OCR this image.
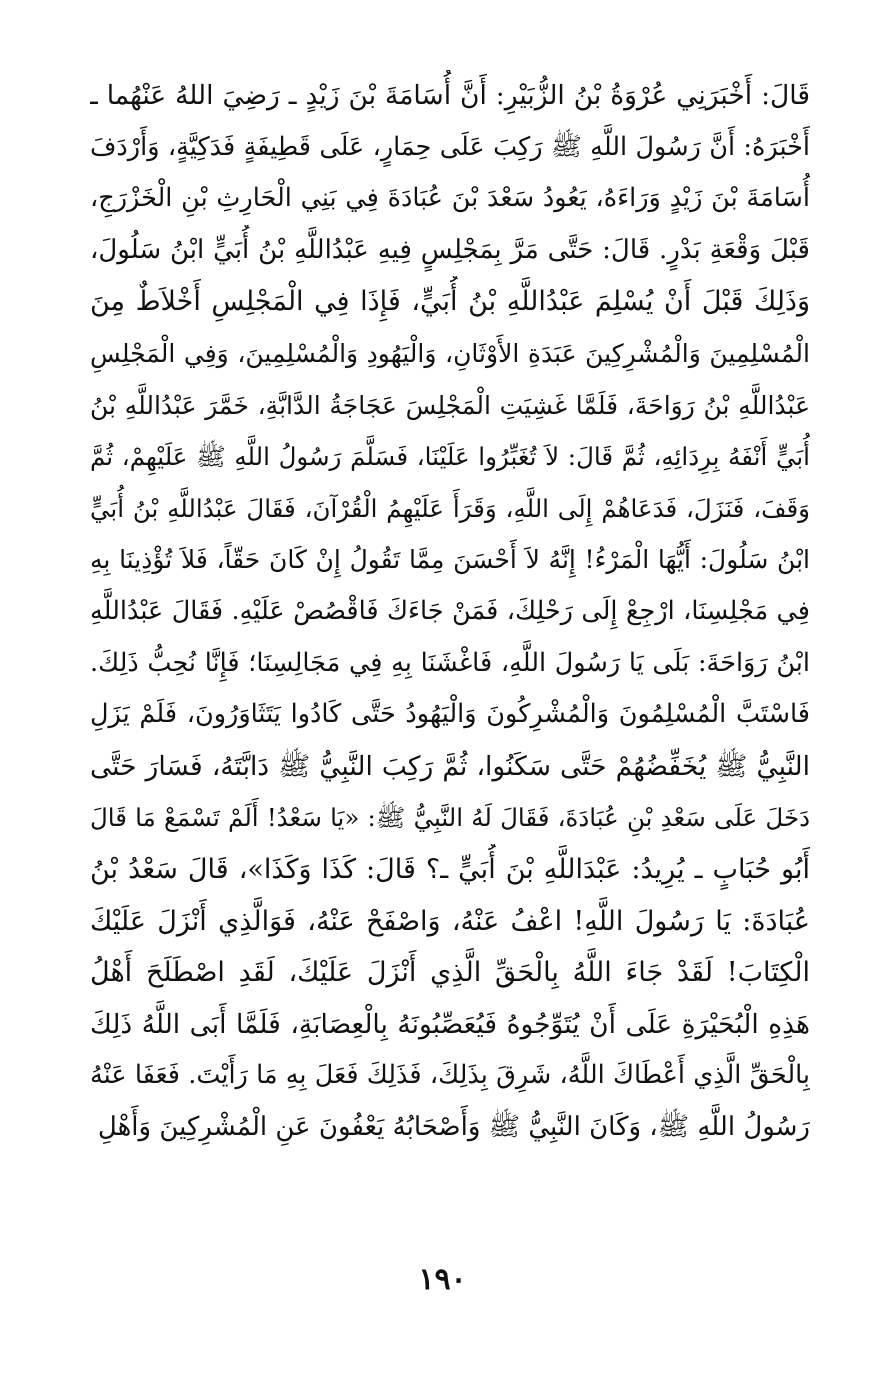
قَالَ: أَخْبَرَنِي عُرْوَةُ بْنُ الزُّبَيْرِ: أَنَّ أُسَامَةَ بْنَ زَيْدٍ ـ رَضِيَ اللهُ عَنْهُما ـ
أَخْبَرَهُ: أَنَّ رَسُولَ اللَّهِ ﷺ رَكِبَ عَلَى حِمَارٍ، عَلَى قَطِيفَةٍ فَدَكِيَّةٍ، وَأَرْدَفَ
أُسَامَةَ بْنَ زَيْدٍ وَرَاءَهُ، يَعُودُ سَعْدَ بْنَ عُبَادَةَ فِي بَنِي الْحَارِثِ بْنِ الْخَزْرَجِ،
قَبْلَ وَقْعَةِ بَدْرٍ. قَالَ: حَتَّى مَرَّ بِمَجْلِسٍ فِيهِ عَبْدُاللَّهِ بْنُ أُبَيٍّ ابْنُ سَلُولَ،
وَذَلِكَ قَبْلَ أَنْ يُسْلِمَ عَبْدُاللَّهِ بْنُ أُبَيٍّ، فَإِذَا فِي الْمَجْلِسِ أَخْلاَطٌ مِنَ
الْمُسْلِمِينَ وَالْمُشْرِكِينَ عَبَدَةِ الأَوْثَانِ، وَالْيَهُودِ وَالْمُسْلِمِينَ، وَفِي الْمَجْلِسِ
عَبْدُاللَّهِ بْنُ رَوَاحَةَ، فَلَمَّا غَشِيَتِ الْمَجْلِسَ عَجَاجَةُ الدَّابَّةِ، خَمَّرَ عَبْدُاللَّهِ بْنُ
أُبَيٍّ أَنْفَهُ بِرِدَائِهِ، ثُمَّ قَالَ: لاَ تُغَبِّرُوا عَلَيْنَا، فَسَلَّمَ رَسُولُ اللَّهِ ﷺ عَلَيْهِمْ، ثُمَّ
وَقَفَ، فَنَزَلَ، فَدَعَاهُمْ إِلَى اللَّهِ، وَقَرَأَ عَلَيْهِمُ الْقُرْآنَ، فَقَالَ عَبْدُاللَّهِ بْنُ أُبَيٍّ
ابْنُ سَلُولَ: أَيُّهَا الْمَرْءُ! إِنَّهُ لاَ أَحْسَنَ مِمَّا تَقُولُ إِنْ كَانَ حَقّاً، فَلاَ تُؤْذِينَا بِهِ
فِي مَجْلِسِنَا، ارْجِعْ إِلَى رَحْلِكَ، فَمَنْ جَاءَكَ فَاقْصُصْ عَلَيْهِ. فَقَالَ عَبْدُاللَّهِ
ابْنُ رَوَاحَةَ: بَلَى يَا رَسُولَ اللَّهِ، فَاغْشَنَا بِهِ فِي مَجَالِسِنَا؛ فَإِنَّا نُحِبُّ ذَلِكَ.
فَاسْتَبَّ الْمُسْلِمُونَ وَالْمُشْرِكُونَ وَالْيَهُودُ حَتَّى كَادُوا يَتَثَاوَرُونَ، فَلَمْ يَزَلِ
النَّبِيُّ ﷺ يُخَفِّضُهُمْ حَتَّى سَكَنُوا، ثُمَّ رَكِبَ النَّبِيُّ ﷺ دَابَّتَهُ، فَسَارَ حَتَّى
دَخَلَ عَلَى سَعْدِ بْنِ عُبَادَةَ، فَقَالَ لَهُ النَّبِيُّ ﷺ: «يَا سَعْدُ! أَلَمْ تَسْمَعْ مَا قَالَ
أَبُو حُبَابٍ ـ يُرِيدُ: عَبْدَاللَّهِ بْنَ أُبَيٍّ ـ؟ قَالَ: كَذَا وَكَذَا»، قَالَ سَعْدُ بْنُ
عُبَادَةَ: يَا رَسُولَ اللَّهِ! اعْفُ عَنْهُ، وَاصْفَحْ عَنْهُ، فَوَالَّذِي أَنْزَلَ عَلَيْكَ
الْكِتَابَ! لَقَدْ جَاءَ اللَّهُ بِالْحَقِّ الَّذِي أَنْزَلَ عَلَيْكَ، لَقَدِ اصْطَلَحَ أَهْلُ
هَذِهِ الْبُحَيْرَةِ عَلَى أَنْ يُتَوِّجُوهُ فَيُعَصِّبُونَهُ بِالْعِصَابَةِ، فَلَمَّا أَبَى اللَّهُ ذَلِكَ
بِالْحَقِّ الَّذِي أَعْطَاكَ اللَّهُ، شَرِقَ بِذَلِكَ، فَذَلِكَ فَعَلَ بِهِ مَا رَأَيْتَ. فَعَفَا عَنْهُ
رَسُولُ اللَّهِ ﷺ، وَكَانَ النَّبِيُّ ﷺ وَأَصْحَابُهُ يَعْفُونَ عَنِ الْمُشْرِكِينَ وَأَهْلِ
١٩٠
